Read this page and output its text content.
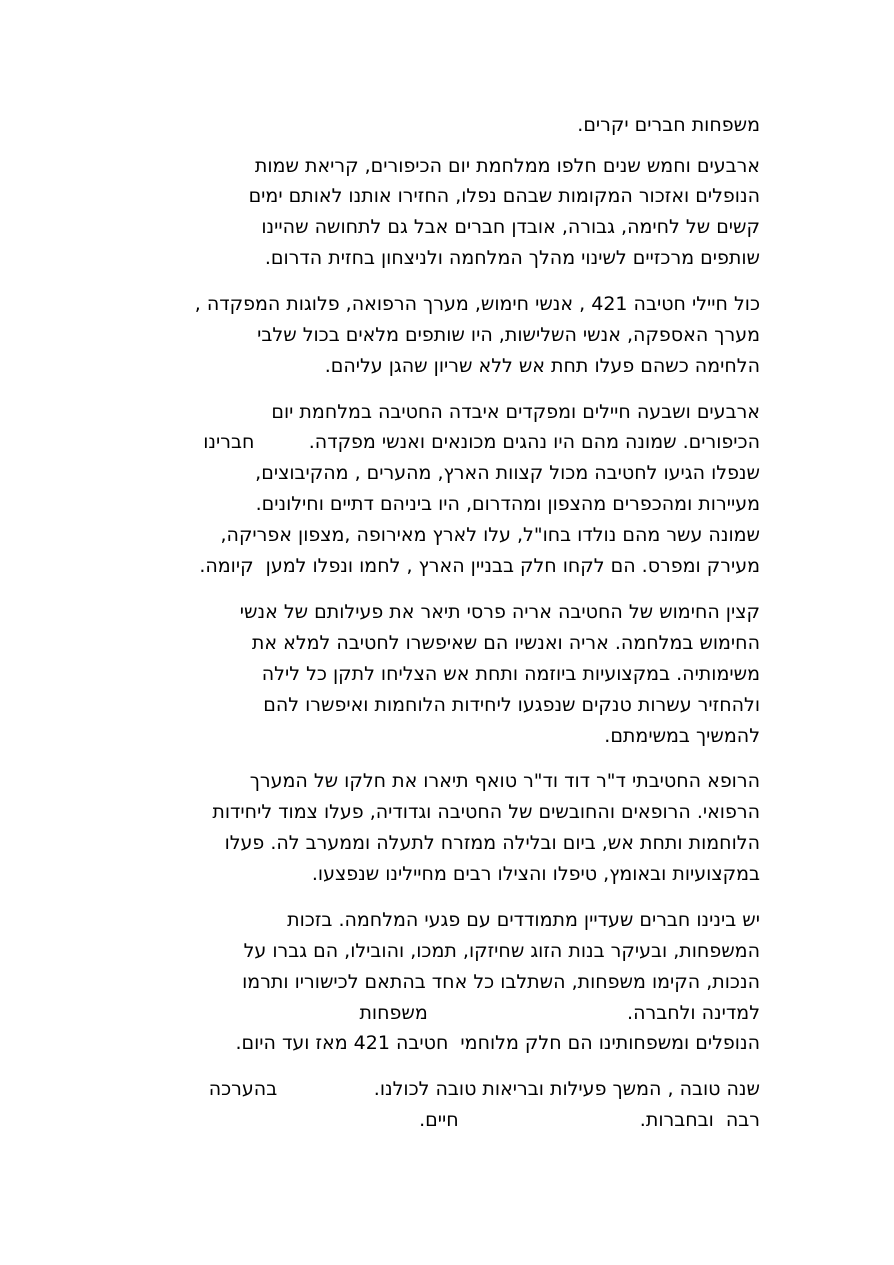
משפחות חברים יקרים.
ארבעים וחמש שנים חלפו ממלחמת יום הכיפורים, קריאת שמות
הנופלים ואזכור המקומות שבהם נפלו, החזירו אותנו לאותם ימים
קשים של לחימה, גבורה, אובדן חברים אבל גם לתחושה שהיינו
שותפים מרכזיים לשינוי מהלך המלחמה ולניצחון בחזית הדרום.
כול חיילי חטיבה 421 , אנשי חימוש, מערך הרפואה, פלוגות המפקדה ,
מערך האספקה, אנשי השלישות, היו שותפים מלאים בכול שלבי
הלחימה כשהם פעלו תחת אש ללא שריון שהגן עליהם.
ארבעים ושבעה חיילים ומפקדים איבדה החטיבה במלחמת יום
הכיפורים. שמונה מהם היו נהגים מכונאים ואנשי מפקדה.         חברינו
שנפלו הגיעו לחטיבה מכול קצוות הארץ, מהערים , מהקיבוצים,
מעיירות ומהכפרים מהצפון ומהדרום, היו ביניהם דתיים וחילונים.
שמונה עשר מהם נולדו בחו"ל, עלו לארץ מאירופה ,מצפון אפריקה,
מעירק ומפרס. הם לקחו חלק בבניין הארץ , לחמו ונפלו למען  קיומה.
קצין החימוש של החטיבה אריה פרסי תיאר את פעילותם של אנשי
החימוש במלחמה. אריה ואנשיו הם שאיפשרו לחטיבה למלא את
משימותיה. במקצועיות ביוזמה ותחת אש הצליחו לתקן כל לילה
ולהחזיר עשרות טנקים שנפגעו ליחידות הלוחמות ואיפשרו להם
להמשיך במשימתם.
הרופא החטיבתי ד"ר דוד וד"ר טואף תיארו את חלקו של המערך
הרפואי. הרופאים והחובשים של החטיבה וגדודיה, פעלו צמוד ליחידות
הלוחמות ותחת אש, ביום ובלילה ממזרח לתעלה וממערב לה. פעלו
במקצועיות ובאומץ, טיפלו והצילו רבים מחיילינו שנפצעו.
יש בינינו חברים שעדיין מתמודדים עם פגעי המלחמה. בזכות
המשפחות, ובעיקר בנות הזוג שחיזקו, תמכו, והובילו, הם גברו על
הנכות, הקימו משפחות, השתלבו כל אחד בהתאם לכישוריו ותרמו
למדינה ולחברה.                                 משפחות
הנופלים ומשפחותינו הם חלק מלוחמי  חטיבה 421 מאז ועד היום.
שנה טובה , המשך פעילות ובריאות טובה לכולנו.                בהערכה
רבה  ובחברות.                              חיים.
